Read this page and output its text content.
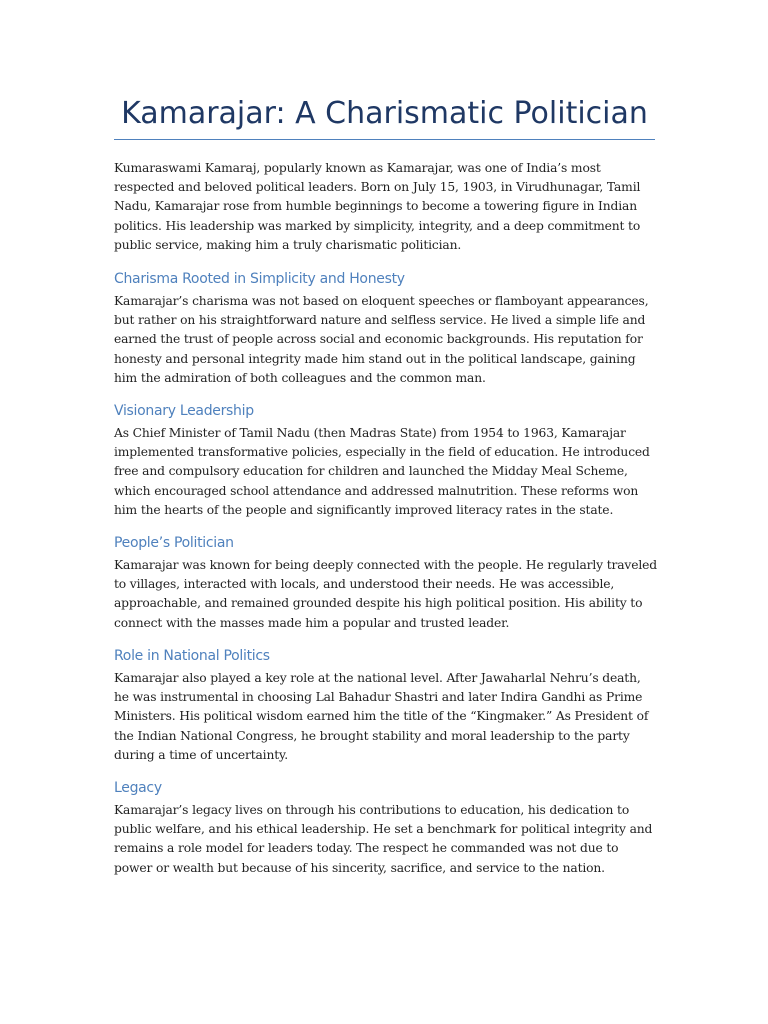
Kamarajar: A Charismatic Politician

Kumaraswami Kamaraj, popularly known as Kamarajar, was one of India’s most respected and beloved political leaders. Born on July 15, 1903, in Virudhunagar, Tamil Nadu, Kamarajar rose from humble beginnings to become a towering figure in Indian politics. His leadership was marked by simplicity, integrity, and a deep commitment to public service, making him a truly charismatic politician.

Charisma Rooted in Simplicity and Honesty

Kamarajar’s charisma was not based on eloquent speeches or flamboyant appearances, but rather on his straightforward nature and selfless service. He lived a simple life and earned the trust of people across social and economic backgrounds. His reputation for honesty and personal integrity made him stand out in the political landscape, gaining him the admiration of both colleagues and the common man.

Visionary Leadership

As Chief Minister of Tamil Nadu (then Madras State) from 1954 to 1963, Kamarajar implemented transformative policies, especially in the field of education. He introduced free and compulsory education for children and launched the Midday Meal Scheme, which encouraged school attendance and addressed malnutrition. These reforms won him the hearts of the people and significantly improved literacy rates in the state.

People’s Politician

Kamarajar was known for being deeply connected with the people. He regularly traveled to villages, interacted with locals, and understood their needs. He was accessible, approachable, and remained grounded despite his high political position. His ability to connect with the masses made him a popular and trusted leader.

Role in National Politics

Kamarajar also played a key role at the national level. After Jawaharlal Nehru’s death, he was instrumental in choosing Lal Bahadur Shastri and later Indira Gandhi as Prime Ministers. His political wisdom earned him the title of the “Kingmaker.” As President of the Indian National Congress, he brought stability and moral leadership to the party during a time of uncertainty.

Legacy

Kamarajar’s legacy lives on through his contributions to education, his dedication to public welfare, and his ethical leadership. He set a benchmark for political integrity and remains a role model for leaders today. The respect he commanded was not due to power or wealth but because of his sincerity, sacrifice, and service to the nation.
